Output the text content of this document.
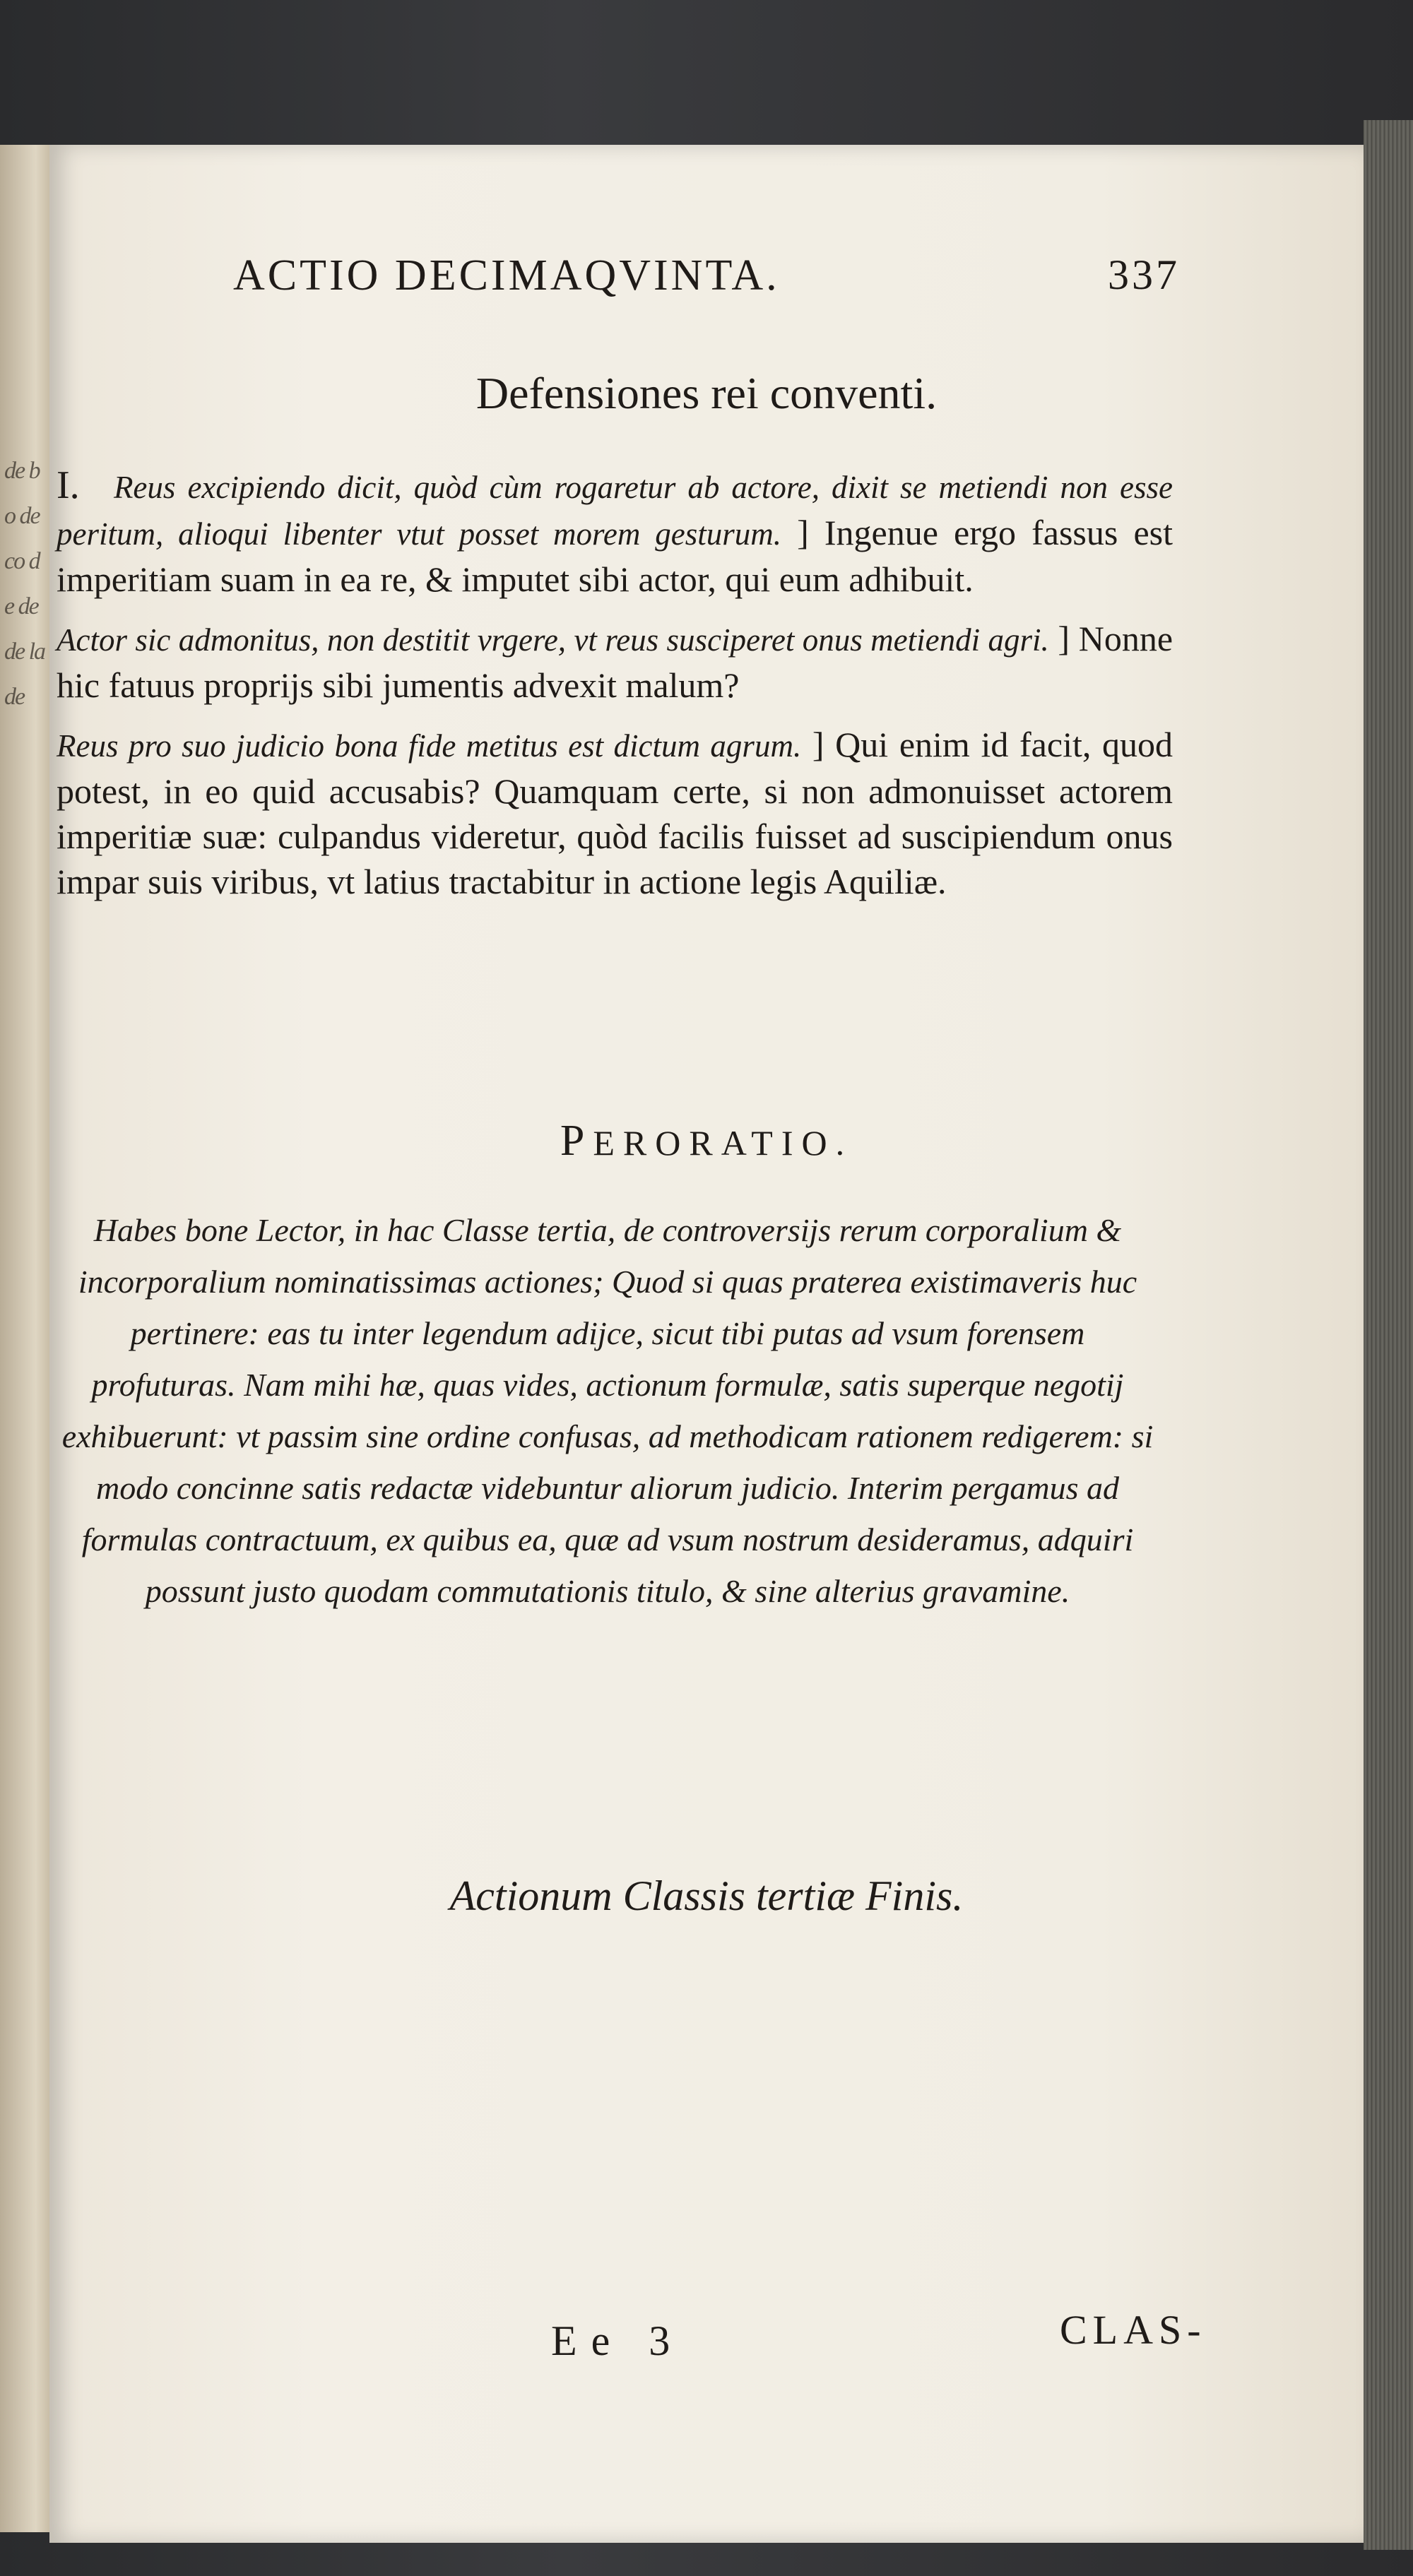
de bo de co de de de la de
ACTIO DECIMAQVINTA.	337
Defensiones rei conventi.

I. Reus excipiendo dicit, quòd cùm rogaretur ab actore, dixit se metiendi non esse peritum, alioqui libenter vtut posset morem gesturum. ] Ingenue ergo fassus est imperitiam suam in ea re, & imputet sibi actor, qui eum adhibuit.

Actor sic admonitus, non destitit vrgere, vt reus susciperet onus metiendi agri. ] Nonne hic fatuus proprijs sibi jumentis advexit malum?

Reus pro suo judicio bona fide metitus est dictum agrum. ] Qui enim id facit, quod potest, in eo quid accusabis? Quamquam certe, si non admonuisset actorem imperitiæ suæ: culpandus videretur, quòd facilis fuisset ad suscipiendum onus impar suis viribus, vt latius tractabitur in actione legis Aquiliæ.

PERORATIO.
Habes bone Lector, in hac Classe tertia, de controversijs rerum corporalium & incorporalium nominatissimas actiones; Quod si quas praterea existimaveris huc pertinere: eas tu inter legendum adijce, sicut tibi putas ad vsum forensem profuturas. Nam mihi hæ, quas vides, actionum formulæ, satis superque negotij exhibuerunt: vt passim sine ordine confusas, ad methodicam rationem redigerem: si modo concinne satis redactæ videbuntur aliorum judicio. Interim pergamus ad formulas contractuum, ex quibus ea, quæ ad vsum nostrum desideramus, adquiri possunt justo quodam commutationis titulo, & sine alterius gravamine.
Actionum Classis tertiæ Finis.
Ee 3	CLAS-
